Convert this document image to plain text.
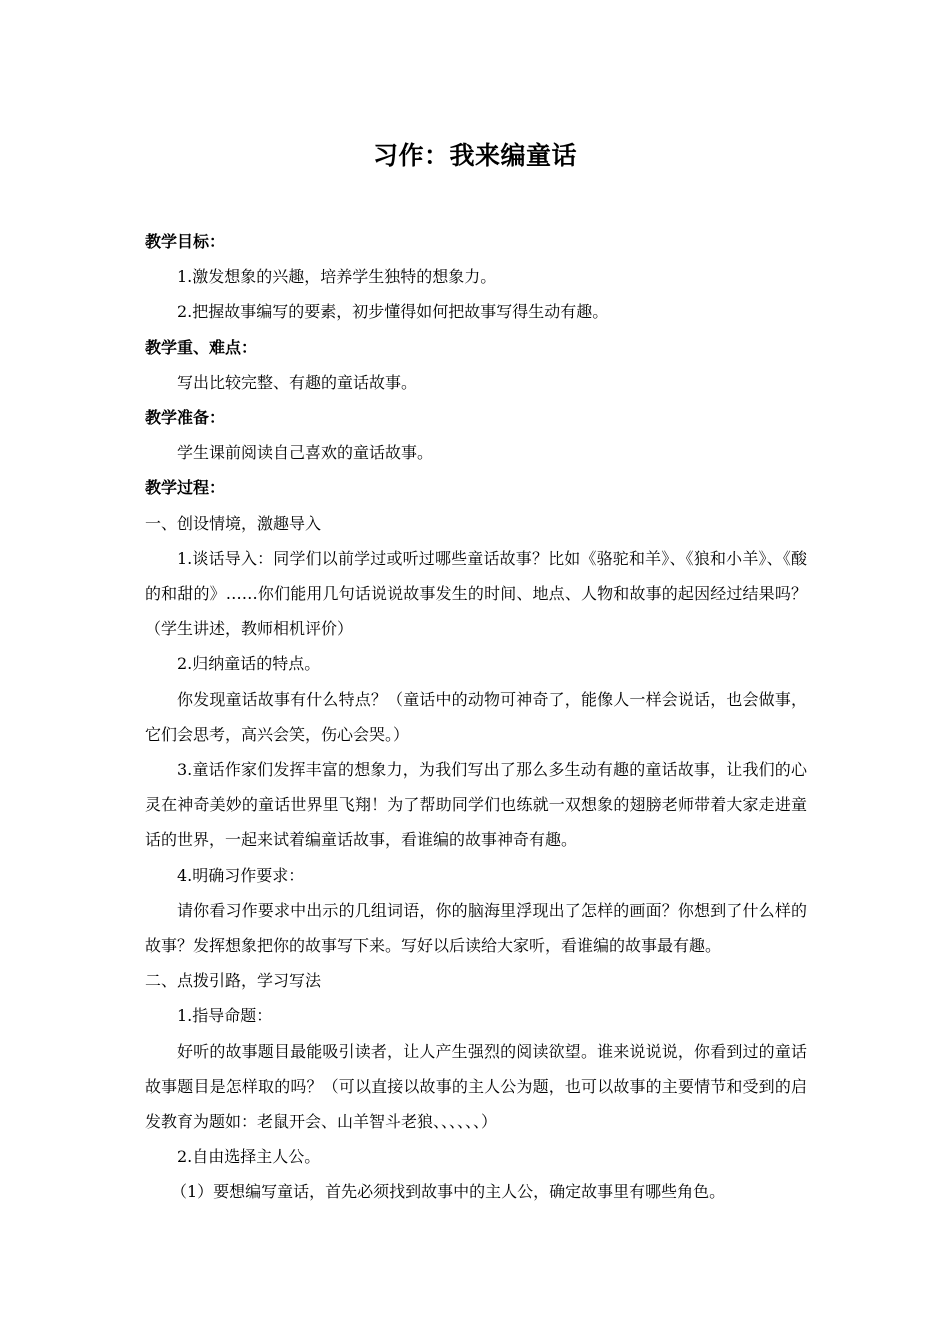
习作：我来编童话

教学目标：

1.激发想象的兴趣，培养学生独特的想象力。

2.把握故事编写的要素，初步懂得如何把故事写得生动有趣。

教学重、难点：

写出比较完整、有趣的童话故事。

教学准备：

学生课前阅读自己喜欢的童话故事。

教学过程：

一、创设情境，激趣导入

1.谈话导入：同学们以前学过或听过哪些童话故事？比如《骆驼和羊》、《狼和小羊》、《酸的和甜的》……你们能用几句话说说故事发生的时间、地点、人物和故事的起因经过结果吗？（学生讲述，教师相机评价）

2.归纳童话的特点。

你发现童话故事有什么特点？（童话中的动物可神奇了，能像人一样会说话，也会做事，它们会思考，高兴会笑，伤心会哭。）

3.童话作家们发挥丰富的想象力，为我们写出了那么多生动有趣的童话故事，让我们的心灵在神奇美妙的童话世界里飞翔！为了帮助同学们也练就一双想象的翅膀老师带着大家走进童话的世界，一起来试着编童话故事，看谁编的故事神奇有趣。

4.明确习作要求：

请你看习作要求中出示的几组词语，你的脑海里浮现出了怎样的画面？你想到了什么样的故事？发挥想象把你的故事写下来。写好以后读给大家听，看谁编的故事最有趣。

二、点拨引路，学习写法

1.指导命题：

好听的故事题目最能吸引读者，让人产生强烈的阅读欲望。谁来说说说，你看到过的童话故事题目是怎样取的吗？（可以直接以故事的主人公为题，也可以故事的主要情节和受到的启发教育为题如：老鼠开会、山羊智斗老狼、、、、、、）

2.自由选择主人公。

（1）要想编写童话，首先必须找到故事中的主人公，确定故事里有哪些角色。
